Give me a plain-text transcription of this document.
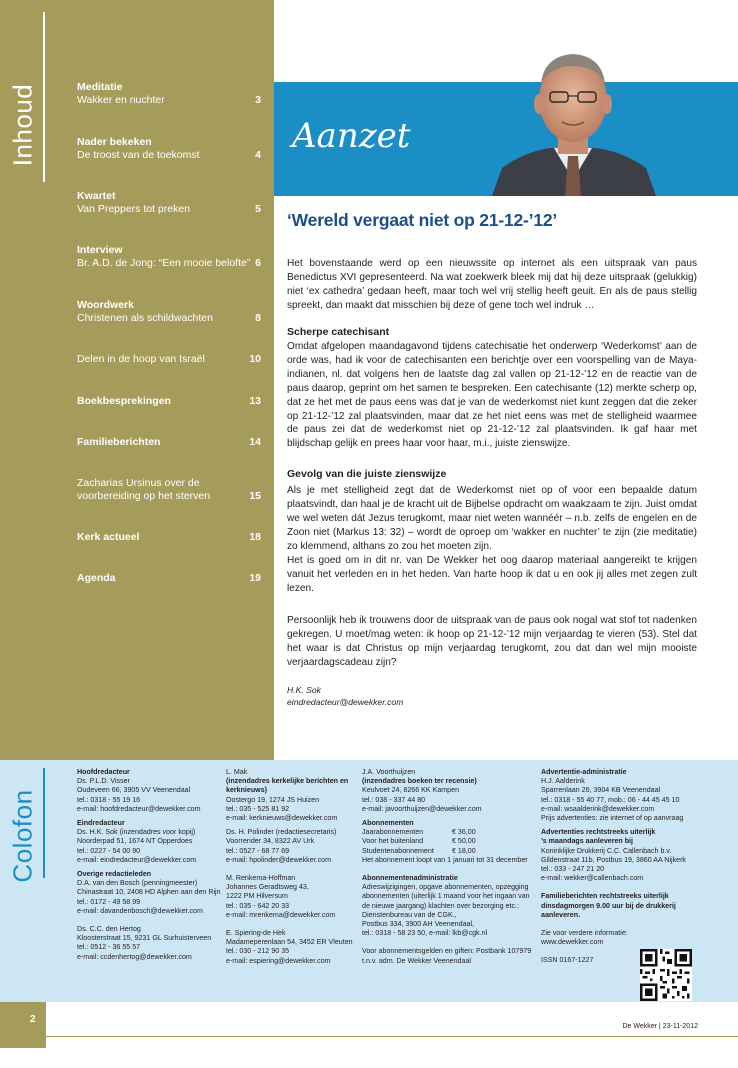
Inhoud	Meditatie
Wakker en nuchter	3
Nader bekeken
De troost van de toekomst	4
Kwartet
Van Preppers tot preken	5
Interview
Br. A.D. de Jong: “Een mooie belofte” 6
Woordwerk
Christenen als schildwachten	8
Delen in de hoop van Israël	10
Boekbesprekingen	13
Familieberichten	14
Zacharias Ursinus over de
voorbereiding op het sterven	15
Kerk actueel	18
Agenda	19
Aanzet
‘Wereld vergaat niet op 21-12-’12’
Het bovenstaande werd op een nieuwssite op internet als een uitspraak van paus Benedictus XVI gepresenteerd. Na wat zoekwerk bleek mij dat hij deze uitspraak (gelukkig) niet ‘ex cathedra’ gedaan heeft, maar toch wel vrij stellig heeft geuit. En als de paus stellig spreekt, dan maakt dat misschien bij deze of gene toch wel indruk …
Scherpe catechisant
Omdat afgelopen maandagavond tijdens catechisatie het onderwerp ‘Wederkomst’ aan de orde was, had ik voor de catechisanten een berichtje over een voorspelling van de Maya-indianen, nl. dat volgens hen de laatste dag zal vallen op 21-12-’12 en de reactie van de paus daarop, geprint om het samen te bespreken. Een catechisante (12) merkte scherp op, dat ze het met de paus eens was dat je van de wederkomst niet kunt zeggen dat die zeker op 21-12-’12 zal plaatsvinden, maar dat ze het niet eens was met de stelligheid waarmee de paus zei dat de wederkomst niet op 21-12-’12 zal plaatsvinden. Ik gaf haar met blijdschap gelijk en prees haar voor haar, m.i., juiste zienswijze.
Gevolg van die juiste zienswijze
Als je met stelligheid zegt dat de Wederkomst niet op of voor een bepaalde datum plaatsvindt, dan haal je de kracht uit de Bijbelse opdracht om waakzaam te zijn. Juist omdat we wel weten dát Jezus terugkomt, maar niet weten wannéér – n.b. zelfs de engelen en de Zoon niet (Markus 13: 32) – wordt de oproep om ‘wakker en nuchter’ te zijn (zie meditatie) zo klemmend, althans zo zou het moeten zijn.
Het is goed om in dit nr. van De Wekker het oog daarop materiaal aangereikt te krijgen vanuit het verleden en in het heden. Van harte hoop ik dat u en ook jij alles met zegen zult lezen.
Persoonlijk heb ik trouwens door de uitspraak van de paus ook nogal wat stof tot nadenken gekregen. U moet/mag weten: ik hoop op 21-12-’12 mijn verjaardag te vieren (53). Stel dat het waar is dat Christus op mijn verjaardag terugkomt, zou dat dan wel mijn mooiste verjaardagscadeau zijn?
H.K. Sok
eindredacteur@dewekker.com
Colofon
Hoofdredacteur
Ds. P.L.D. Visser
Oudeveen 66, 3905 VV Veenendaal
tel.: 0318 - 55 19 16
e-mail: hoofdredacteur@dewekker.com
Eindredacteur
Ds. H.K. Sok (inzendadres voor kopij)
Noorderpad 51, 1674 NT Opperdoes
tel.: 0227 - 54 00 90
e-mail: eindredacteur@dewekker.com
Overige redactieleden
D.A. van den Bosch (penningmeester)
Chinastraat 10, 2408 HD Alphen aan den Rijn
tel.: 0172 - 49 58 99
e-mail: davandenbosch@dewekker.com
Ds. C.C. den Hertog
Kloosterstraat 15, 9231 GL Surhuisterveen
tel.: 0512 - 36 55 57
e-mail: ccdenhertog@dewekker.com
L. Mak
(inzendadres kerkelijke berichten en
kerknieuws)
Oostergo 19, 1274 JS Huizen
tel.: 035 - 525 81 92
e-mail: kerknieuws@dewekker.com
Ds. H. Polinder (redactiesecretaris)
Voorrender 34, 8322 AV Urk
tel.: 0527 - 68 77 69
e-mail: hpolinder@dewekker.com
M. Renkema-Hoffman
Johannes Geradtsweg 43,
1222 PM Hilversum
tel.: 035 - 642 20 33
e-mail: mrenkema@dewekker.com
E. Spiering-de Hek
Madameperenlaan 54, 3452 ER Vleuten
tel.: 030 - 212 90 35
e-mail: espiering@dewekker.com
J.A. Voorthuijzen
(inzendadres boeken ter recensie)
Keulvoet 24, 8266 KK Kampen
tel.: 038 - 337 44 80
e-mail: javoorthuijzen@dewekker.com
Abonnementen
Jaarabonnementen	€ 36,00
Voor het buitenland	€ 50,00
Studentenabonnement	€ 18,00
Het abonnement loopt van 1 januari tot 31 december
Abonnementenadministratie
Adreswijzigingen, opgave abonnementen, opzegging
abonnementen (uiterlijk 1 maand voor het ingaan van
de nieuwe jaargang) klachten over bezorging etc.:
Dienstenbureau van de CGK.,
Postbus 334, 3900 AH Veenendaal,
tel.: 0318 - 58 23 50, e-mail: lkb@cgk.nl
Voor abonnementsgelden en giften: Postbank 107979
t.n.v. adm. De Wekker Veenendaal
Advertentie-administratie
H.J. Aalderink
Sparrenlaan 26, 3904 KB Veenendaal
tel.: 0318 - 55 40 77, mob.: 06 - 44 45 45 10
e-mail: wsaalderink@dewekker.com
Prijs advertenties: zie internet of op aanvraag
Advertenties rechtstreeks uiterlijk
’s maandags aanleveren bij
Koninklijke Drukkerij C.C. Callenbach b.v.
Gildenstraat 11b, Postbus 19, 3860 AA Nijkerk
tel.: 033 - 247 21 20
e-mail: wekker@callenbach.com
Familieberichten rechtstreeks uiterlijk
dinsdagmorgen 9.00 uur bij de drukkerij
aanleveren.
Zie voor verdere informatie:
www.dewekker.com
ISSN 0167-1227
2
De Wekker | 23-11-2012
